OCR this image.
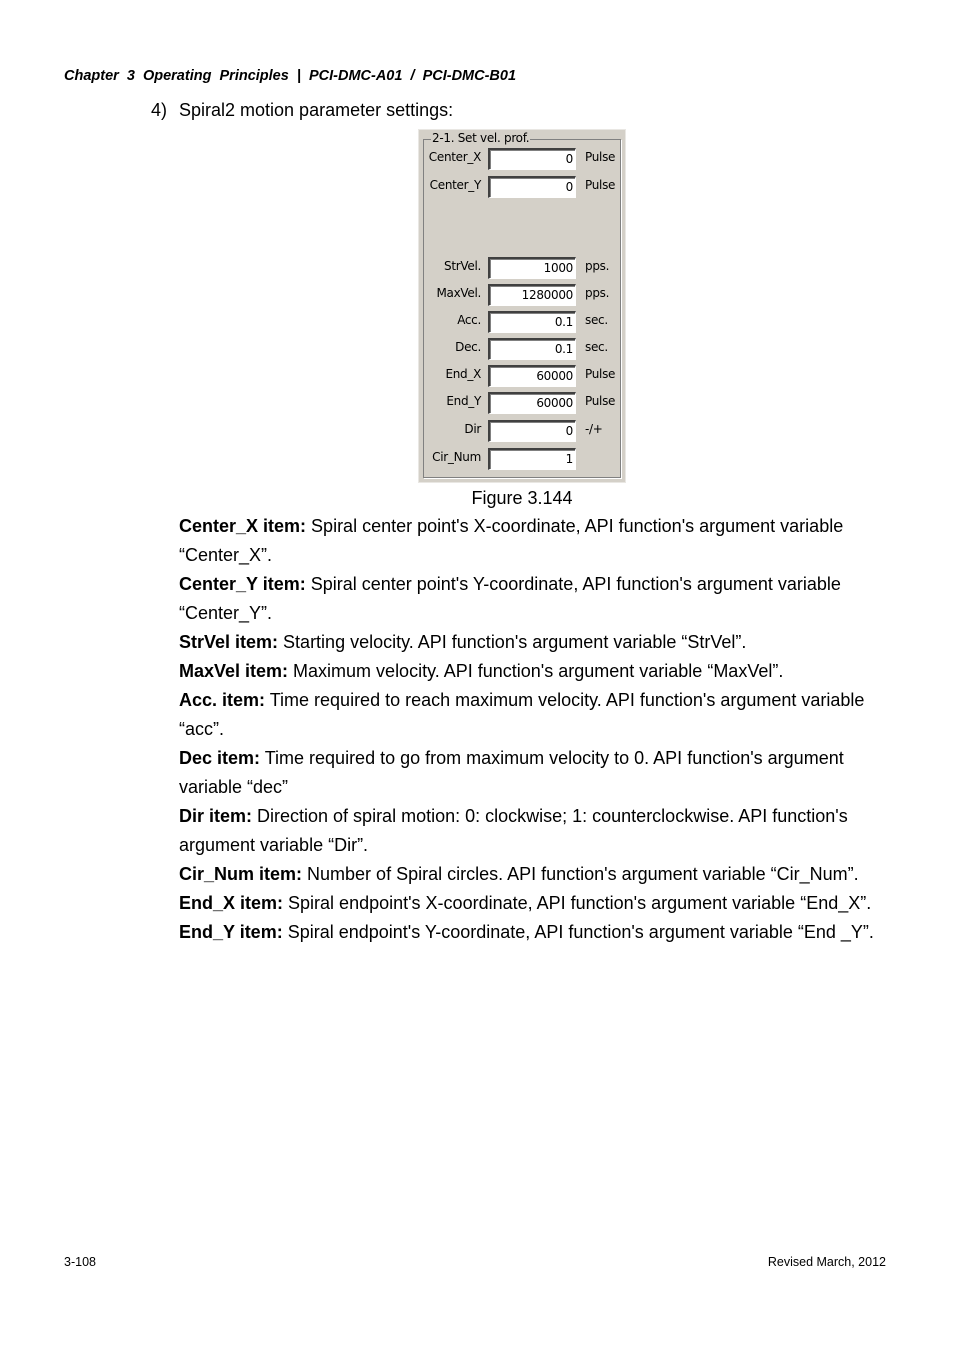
Chapter  3  Operating  Principles  |  PCI-DMC-A01  /  PCI-DMC-B01
4) Spiral2 motion parameter settings:
2-1. Set vel. prof.
Center_X	0 Pulse
Center_Y	0 Pulse
StrVel.	1000 pps.
MaxVel.	1280000 pps.
Acc.	0.1 sec.
Dec.	0.1 sec.
End_X	60000 Pulse
End_Y	60000 Pulse
Dir	0 -/+
Cir_Num	1
Figure 3.144

Center_X item: Spiral center point's X-coordinate, API function's argument variable “Center_X”.

Center_Y item: Spiral center point's Y-coordinate, API function's argument variable “Center_Y”.

StrVel item: Starting velocity. API function's argument variable “StrVel”.

MaxVel item: Maximum velocity. API function's argument variable “MaxVel”.

Acc. item: Time required to reach maximum velocity. API function's argument variable “acc”.

Dec item: Time required to go from maximum velocity to 0. API function's argument variable “dec”

Dir item: Direction of spiral motion: 0: clockwise; 1: counterclockwise. API function's argument variable “Dir”.

Cir_Num item: Number of Spiral circles. API function's argument variable “Cir_Num”.

End_X item: Spiral endpoint's X-coordinate, API function's argument variable “End_X”.

End_Y item: Spiral endpoint's Y-coordinate, API function's argument variable “End _Y”.

3-108	Revised March, 2012
